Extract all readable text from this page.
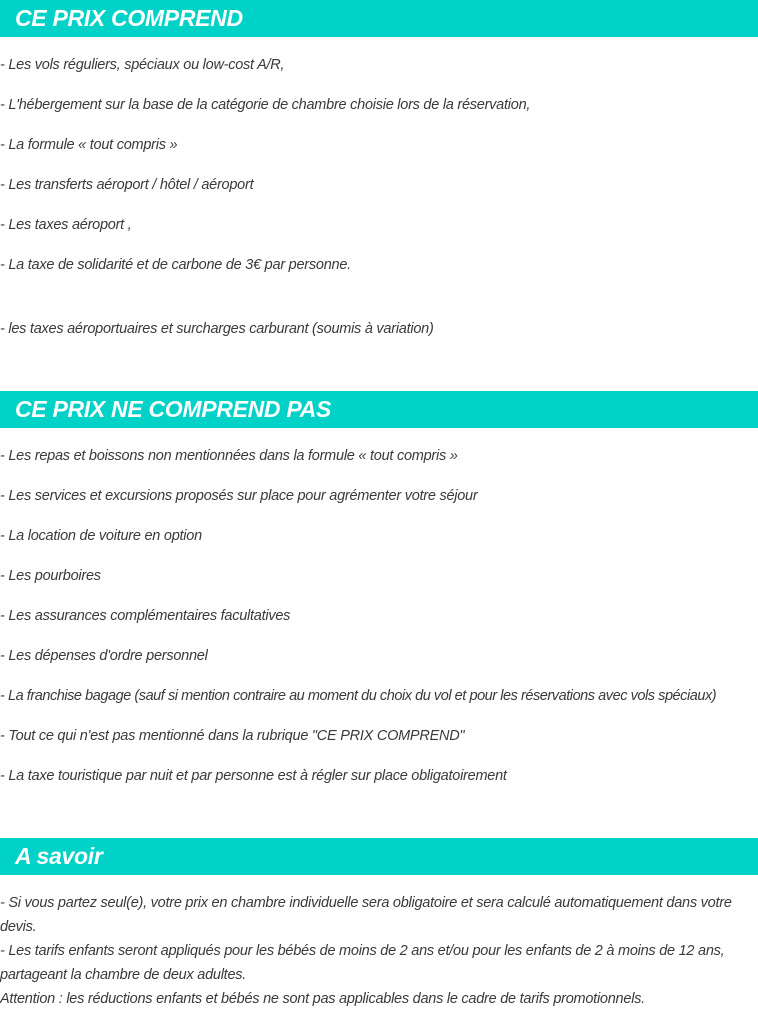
CE PRIX COMPREND
- Les vols réguliers, spéciaux ou low-cost A/R,
- L'hébergement sur la base de la catégorie de chambre choisie lors de la réservation,
- La formule « tout compris »
- Les transferts aéroport / hôtel / aéroport
- Les taxes aéroport ,
- La taxe de solidarité et de carbone de 3€ par personne.
- les taxes aéroportuaires et surcharges carburant (soumis à variation)
CE PRIX NE COMPREND PAS
- Les repas et boissons non mentionnées dans la formule « tout compris »
- Les services et excursions proposés sur place pour agrémenter votre séjour
- La location de voiture en option
- Les pourboires
- Les assurances complémentaires facultatives
- Les dépenses d'ordre personnel
- La franchise bagage (sauf si mention contraire au moment du choix du vol et pour les réservations avec vols spéciaux)
- Tout ce qui n'est pas mentionné dans la rubrique "CE PRIX COMPREND"
- La taxe touristique par nuit et par personne est à régler sur place obligatoirement
A savoir
- Si vous partez seul(e), votre prix en chambre individuelle sera obligatoire et sera calculé automatiquement dans votre devis.
- Les tarifs enfants seront appliqués pour les bébés de moins de 2 ans et/ou pour les enfants de 2 à moins de 12 ans, partageant la chambre de deux adultes.
Attention : les réductions enfants et bébés ne sont pas applicables dans le cadre de tarifs promotionnels.
